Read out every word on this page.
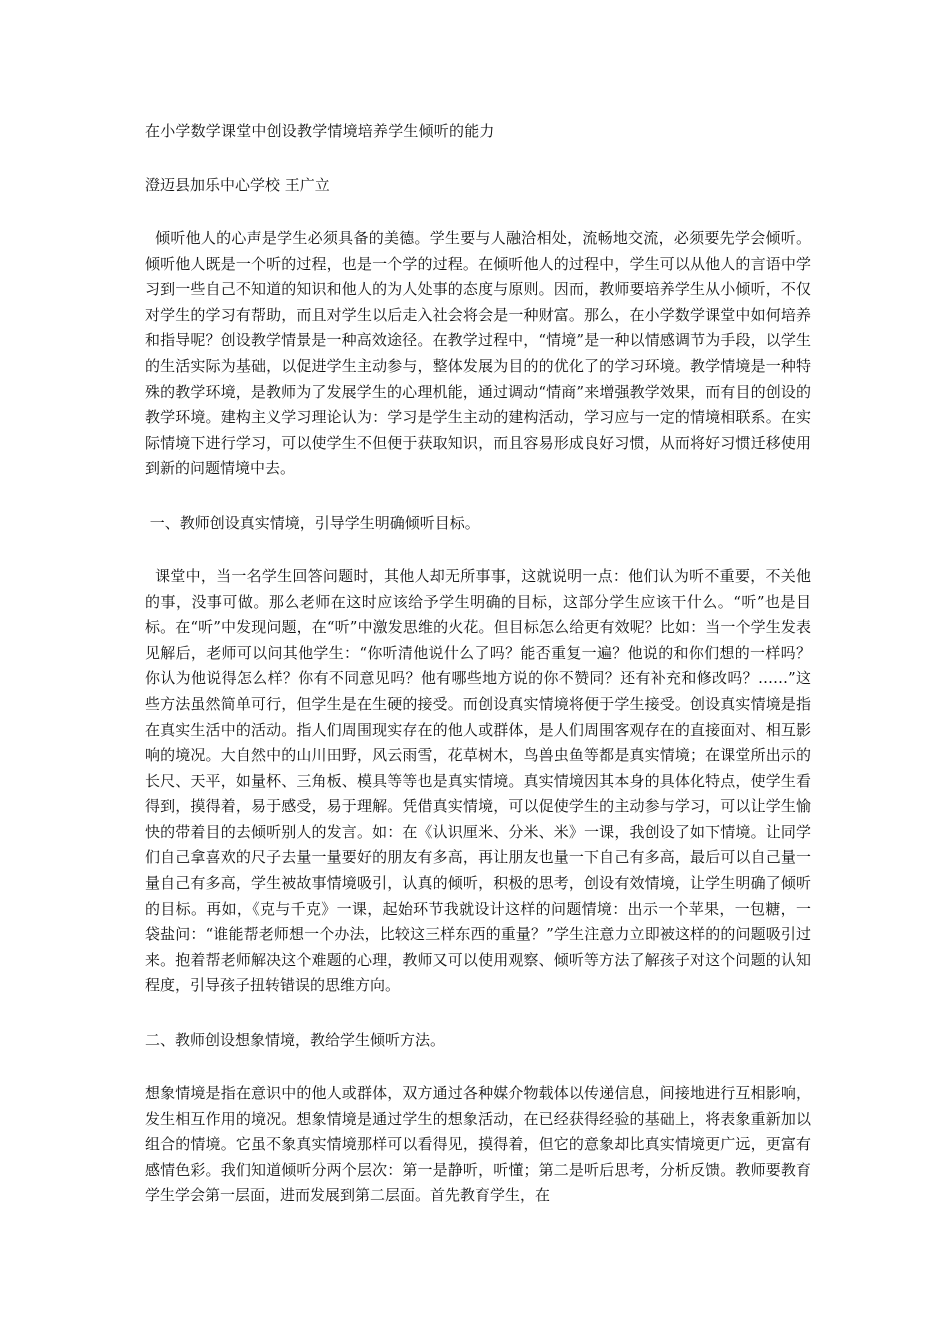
在小学数学课堂中创设教学情境培养学生倾听的能力
澄迈县加乐中心学校 王广立
倾听他人的心声是学生必须具备的美德。学生要与人融洽相处，流畅地交流，必须要先学会倾听。倾听他人既是一个听的过程，也是一个学的过程。在倾听他人的过程中，学生可以从他人的言语中学习到一些自己不知道的知识和他人的为人处事的态度与原则。因而，教师要培养学生从小倾听，不仅对学生的学习有帮助，而且对学生以后走入社会将会是一种财富。那么，在小学数学课堂中如何培养和指导呢？创设教学情景是一种高效途径。在教学过程中，“情境”是一种以情感调节为手段，以学生的生活实际为基础，以促进学生主动参与，整体发展为目的的优化了的学习环境。教学情境是一种特殊的教学环境，是教师为了发展学生的心理机能，通过调动“情商”来增强教学效果，而有目的创设的教学环境。建构主义学习理论认为：学习是学生主动的建构活动，学习应与一定的情境相联系。在实际情境下进行学习，可以使学生不但便于获取知识，而且容易形成良好习惯，从而将好习惯迁移使用到新的问题情境中去。
一、教师创设真实情境，引导学生明确倾听目标。
课堂中，当一名学生回答问题时，其他人却无所事事，这就说明一点：他们认为听不重要，不关他的事，没事可做。那么老师在这时应该给予学生明确的目标，这部分学生应该干什么。“听”也是目标。在“听”中发现问题，在“听”中激发思维的火花。但目标怎么给更有效呢？比如：当一个学生发表见解后，老师可以问其他学生：“你听清他说什么了吗？能否重复一遍？他说的和你们想的一样吗？你认为他说得怎么样？你有不同意见吗？他有哪些地方说的你不赞同？还有补充和修改吗？……”这些方法虽然简单可行，但学生是在生硬的接受。而创设真实情境将便于学生接受。创设真实情境是指在真实生活中的活动。指人们周围现实存在的他人或群体，是人们周围客观存在的直接面对、相互影响的境况。大自然中的山川田野，风云雨雪，花草树木，鸟兽虫鱼等都是真实情境；在课堂所出示的长尺、天平，如量杯、三角板、模具等等也是真实情境。真实情境因其本身的具体化特点，使学生看得到，摸得着，易于感受，易于理解。凭借真实情境，可以促使学生的主动参与学习，可以让学生愉快的带着目的去倾听别人的发言。如：在《认识厘米、分米、米》一课，我创设了如下情境。让同学们自己拿喜欢的尺子去量一量要好的朋友有多高，再让朋友也量一下自己有多高，最后可以自己量一量自己有多高，学生被故事情境吸引，认真的倾听，积极的思考，创设有效情境，让学生明确了倾听的目标。再如，《克与千克》一课，起始环节我就设计这样的问题情境：出示一个苹果，一包糖，一袋盐问：“谁能帮老师想一个办法，比较这三样东西的重量？”学生注意力立即被这样的的问题吸引过来。抱着帮老师解决这个难题的心理，教师又可以使用观察、倾听等方法了解孩子对这个问题的认知程度，引导孩子扭转错误的思维方向。
二、教师创设想象情境，教给学生倾听方法。
想象情境是指在意识中的他人或群体，双方通过各种媒介物载体以传递信息，间接地进行互相影响，发生相互作用的境况。想象情境是通过学生的想象活动，在已经获得经验的基础上，将表象重新加以组合的情境。它虽不象真实情境那样可以看得见，摸得着，但它的意象却比真实情境更广远，更富有感情色彩。我们知道倾听分两个层次：第一是静听，听懂；第二是听后思考，分析反馈。教师要教育学生学会第一层面，进而发展到第二层面。首先教育学生，在
